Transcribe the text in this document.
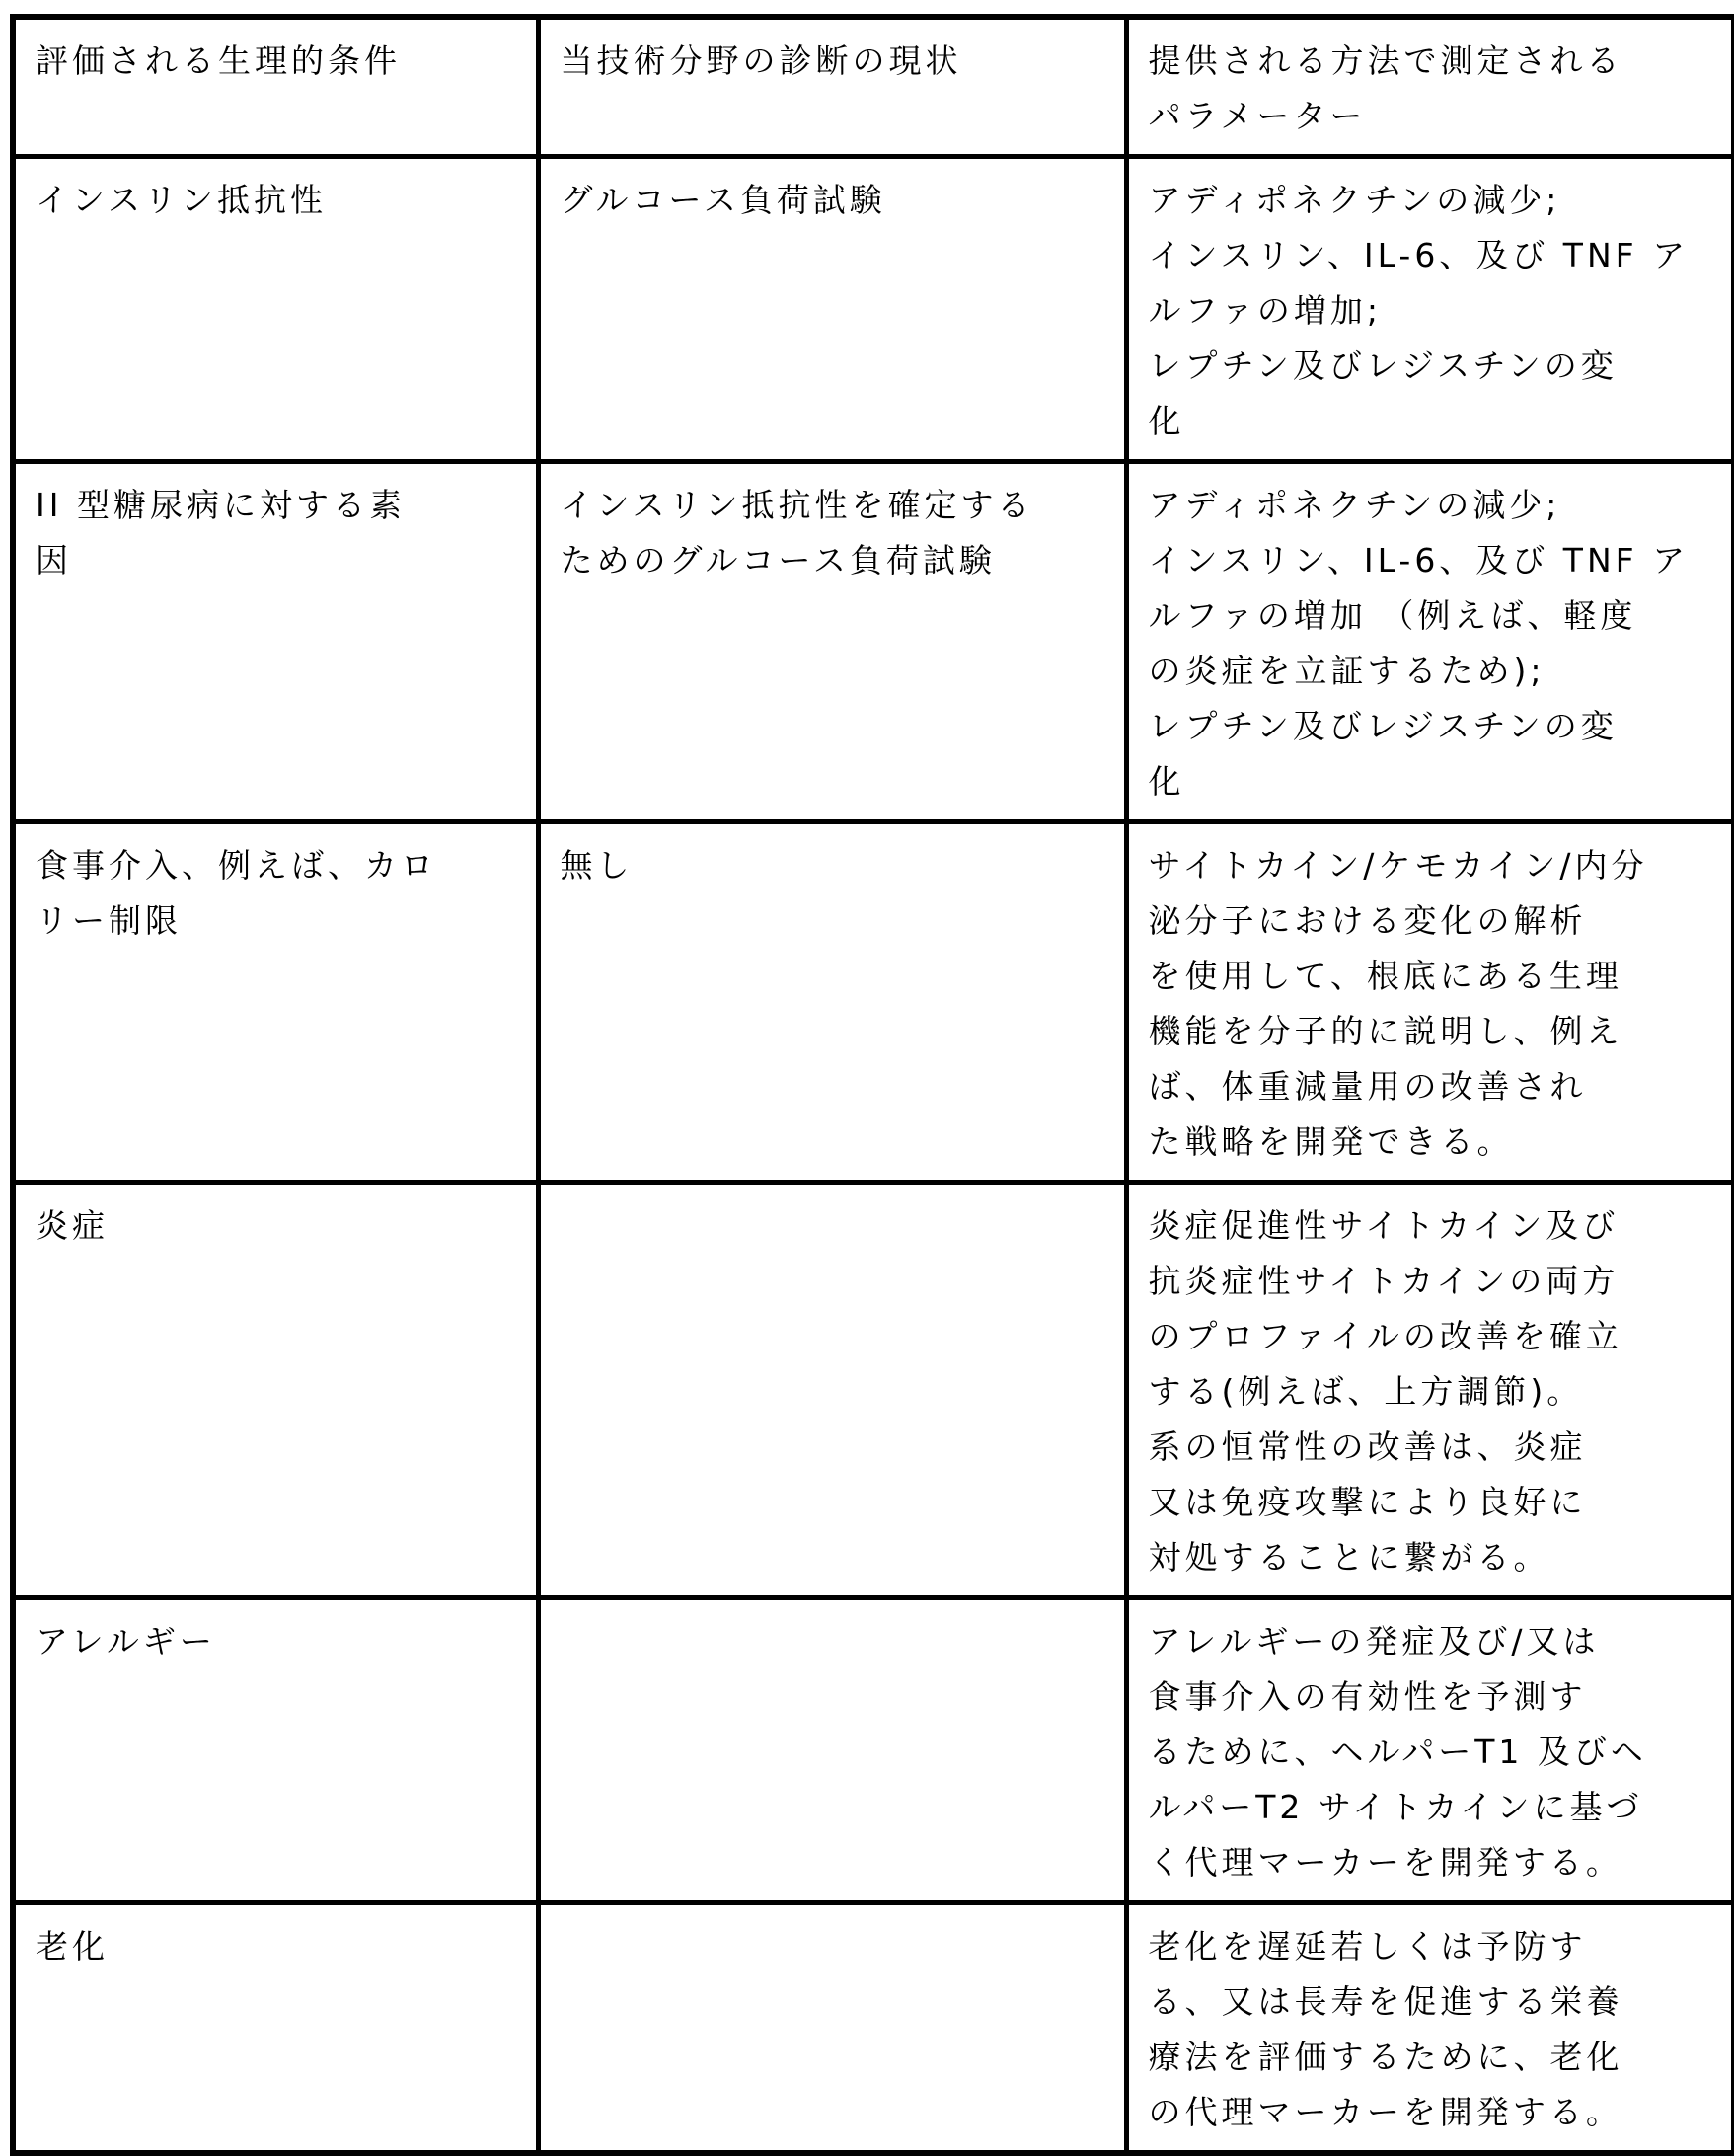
評価される生理的条件	当技術分野の診断の現状	提供される方法で測定される
パラメーター

インスリン抵抗性	グルコース負荷試験	アディポネクチンの減少;
インスリン、IL-6、及び TNF ア
ルファの増加;
レプチン及びレジスチンの変
化

II 型糖尿病に対する素
因

インスリン抵抗性を確定する
ためのグルコース負荷試験

アディポネクチンの減少;
インスリン、IL-6、及び TNF ア
ルファの増加 （例えば、軽度
の炎症を立証するため);
レプチン及びレジスチンの変
化

食事介入、例えば、カロ
リー制限

無し	サイトカイン/ケモカイン/内分
泌分子における変化の解析
を使用して、根底にある生理
機能を分子的に説明し、例え
ば、体重減量用の改善され
た戦略を開発できる。

炎症		炎症促進性サイトカイン及び
抗炎症性サイトカインの両方
のプロファイルの改善を確立
する(例えば、上方調節)。
系の恒常性の改善は、炎症
又は免疫攻撃により良好に
対処することに繋がる。

アレルギー		アレルギーの発症及び/又は
食事介入の有効性を予測す
るために、ヘルパーT1 及びヘ
ルパーT2 サイトカインに基づ
く代理マーカーを開発する。

老化		老化を遅延若しくは予防す
る、又は長寿を促進する栄養
療法を評価するために、老化
の代理マーカーを開発する。
